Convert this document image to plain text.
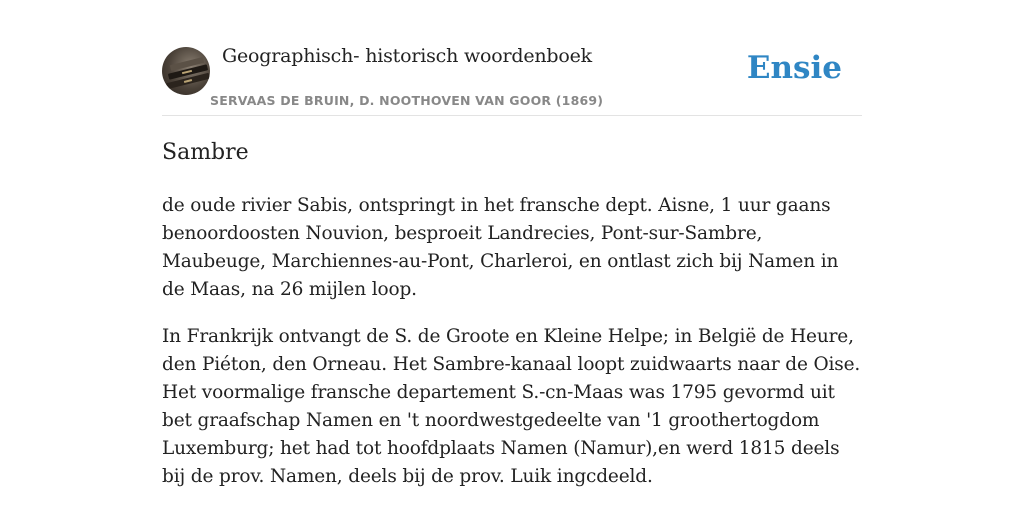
Geographisch- historisch woordenboek
SERVAAS DE BRUIN, D. NOOTHOVEN VAN GOOR (1869)
Ensie
Sambre

de oude rivier Sabis, ontspringt in het fransche dept. Aisne, 1 uur gaans benoordoosten Nouvion, besproeit Landrecies, Pont-sur-Sambre, Maubeuge, Marchiennes-au-Pont, Charleroi, en ontlast zich bij Namen in de Maas, na 26 mijlen loop.

In Frankrijk ontvangt de S. de Groote en Kleine Helpe; in België de Heure, den Piéton, den Orneau. Het Sambre-kanaal loopt zuidwaarts naar de Oise. Het voormalige fransche departement S.-cn-Maas was 1795 gevormd uit bet graafschap Namen en 't noordwestgedeelte van '1 groothertogdom Luxemburg; het had tot hoofdplaats Namen (Namur),en werd 1815 deels bij de prov. Namen, deels bij de prov. Luik ingcdeeld.
